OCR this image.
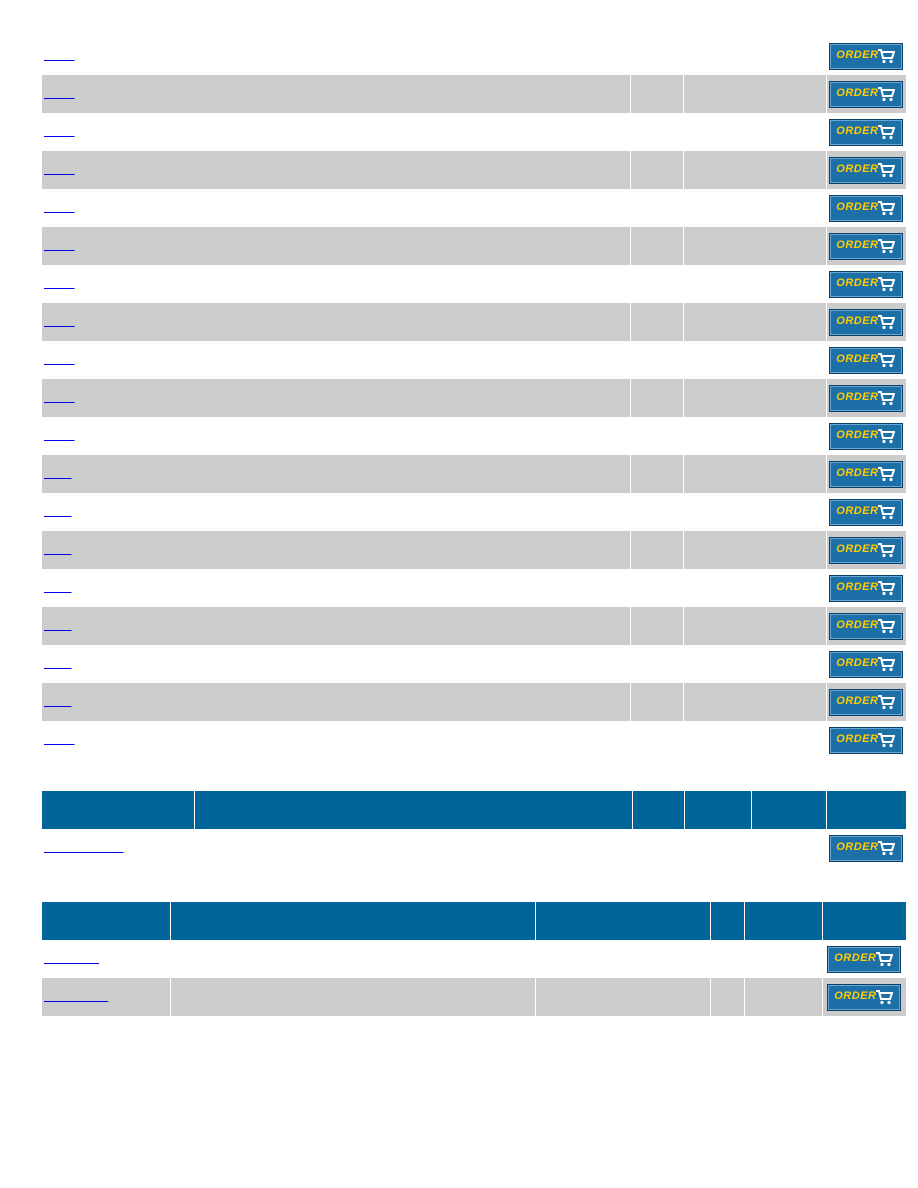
			ORDER

			ORDER

			ORDER

			ORDER

			ORDER

			ORDER

			ORDER

			ORDER

			ORDER

			ORDER

			ORDER

			ORDER

			ORDER

			ORDER

			ORDER

			ORDER

			ORDER

			ORDER

			ORDER

					ORDER

					ORDER

					ORDER
